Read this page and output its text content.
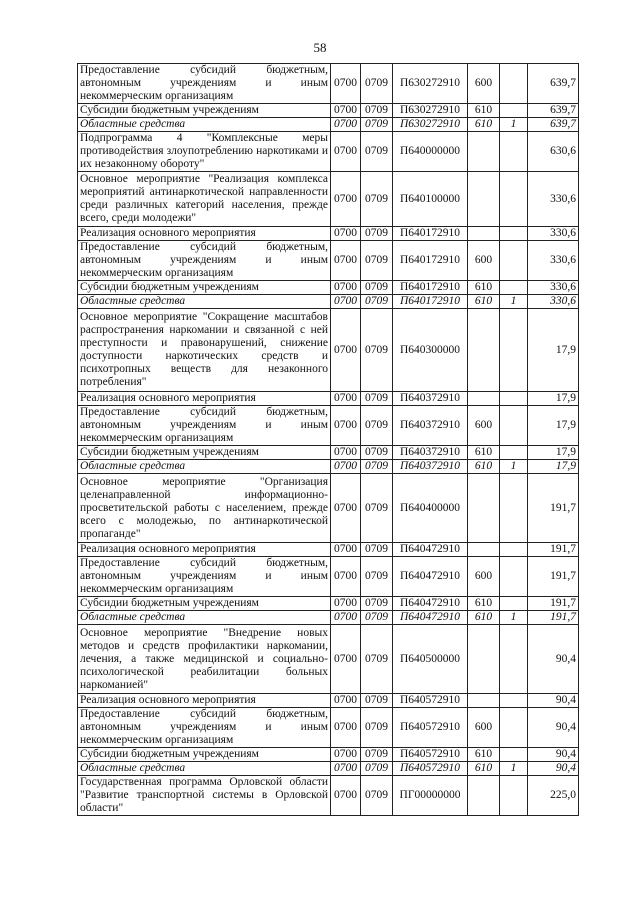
58
Предоставление субсидий бюджетным, автономным учреждениям и иным некоммерческим организациям	0700	0709	П630272910	600		639,7
Субсидии бюджетным учреждениям	0700	0709	П630272910	610		639,7
Областные средства	0700	0709	П630272910	610	1	639,7
Подпрограмма 4 "Комплексные меры противодействия злоупотреблению наркотиками и их незаконному обороту"	0700	0709	П640000000			630,6
Основное мероприятие "Реализация комплекса мероприятий антинаркотической направленности среди различных категорий населения, прежде всего, среди молодежи"	0700	0709	П640100000			330,6
Реализация основного мероприятия	0700	0709	П640172910			330,6
Предоставление субсидий бюджетным, автономным учреждениям и иным некоммерческим организациям	0700	0709	П640172910	600		330,6
Субсидии бюджетным учреждениям	0700	0709	П640172910	610		330,6
Областные средства	0700	0709	П640172910	610	1	330,6
Основное мероприятие "Сокращение масштабов распространения наркомании и связанной с ней преступности и правонарушений, снижение доступности наркотических средств и психотропных веществ для незаконного потребления"	0700	0709	П640300000			17,9
Реализация основного мероприятия	0700	0709	П640372910			17,9
Предоставление субсидий бюджетным, автономным учреждениям и иным некоммерческим организациям	0700	0709	П640372910	600		17,9
Субсидии бюджетным учреждениям	0700	0709	П640372910	610		17,9
Областные средства	0700	0709	П640372910	610	1	17,9
Основное мероприятие "Организация целенаправленной информационно-просветительской работы с населением, прежде всего с молодежью, по антинаркотической пропаганде"	0700	0709	П640400000			191,7
Реализация основного мероприятия	0700	0709	П640472910			191,7
Предоставление субсидий бюджетным, автономным учреждениям и иным некоммерческим организациям	0700	0709	П640472910	600		191,7
Субсидии бюджетным учреждениям	0700	0709	П640472910	610		191,7
Областные средства	0700	0709	П640472910	610	1	191,7
Основное мероприятие "Внедрение новых методов и средств профилактики наркомании, лечения, а также медицинской и социально-психологической реабилитации больных наркоманией"	0700	0709	П640500000			90,4
Реализация основного мероприятия	0700	0709	П640572910			90,4
Предоставление субсидий бюджетным, автономным учреждениям и иным некоммерческим организациям	0700	0709	П640572910	600		90,4
Субсидии бюджетным учреждениям	0700	0709	П640572910	610		90,4
Областные средства	0700	0709	П640572910	610	1	90,4
Государственная программа Орловской области "Развитие транспортной системы в Орловской области"	0700	0709	ПГ00000000			225,0
